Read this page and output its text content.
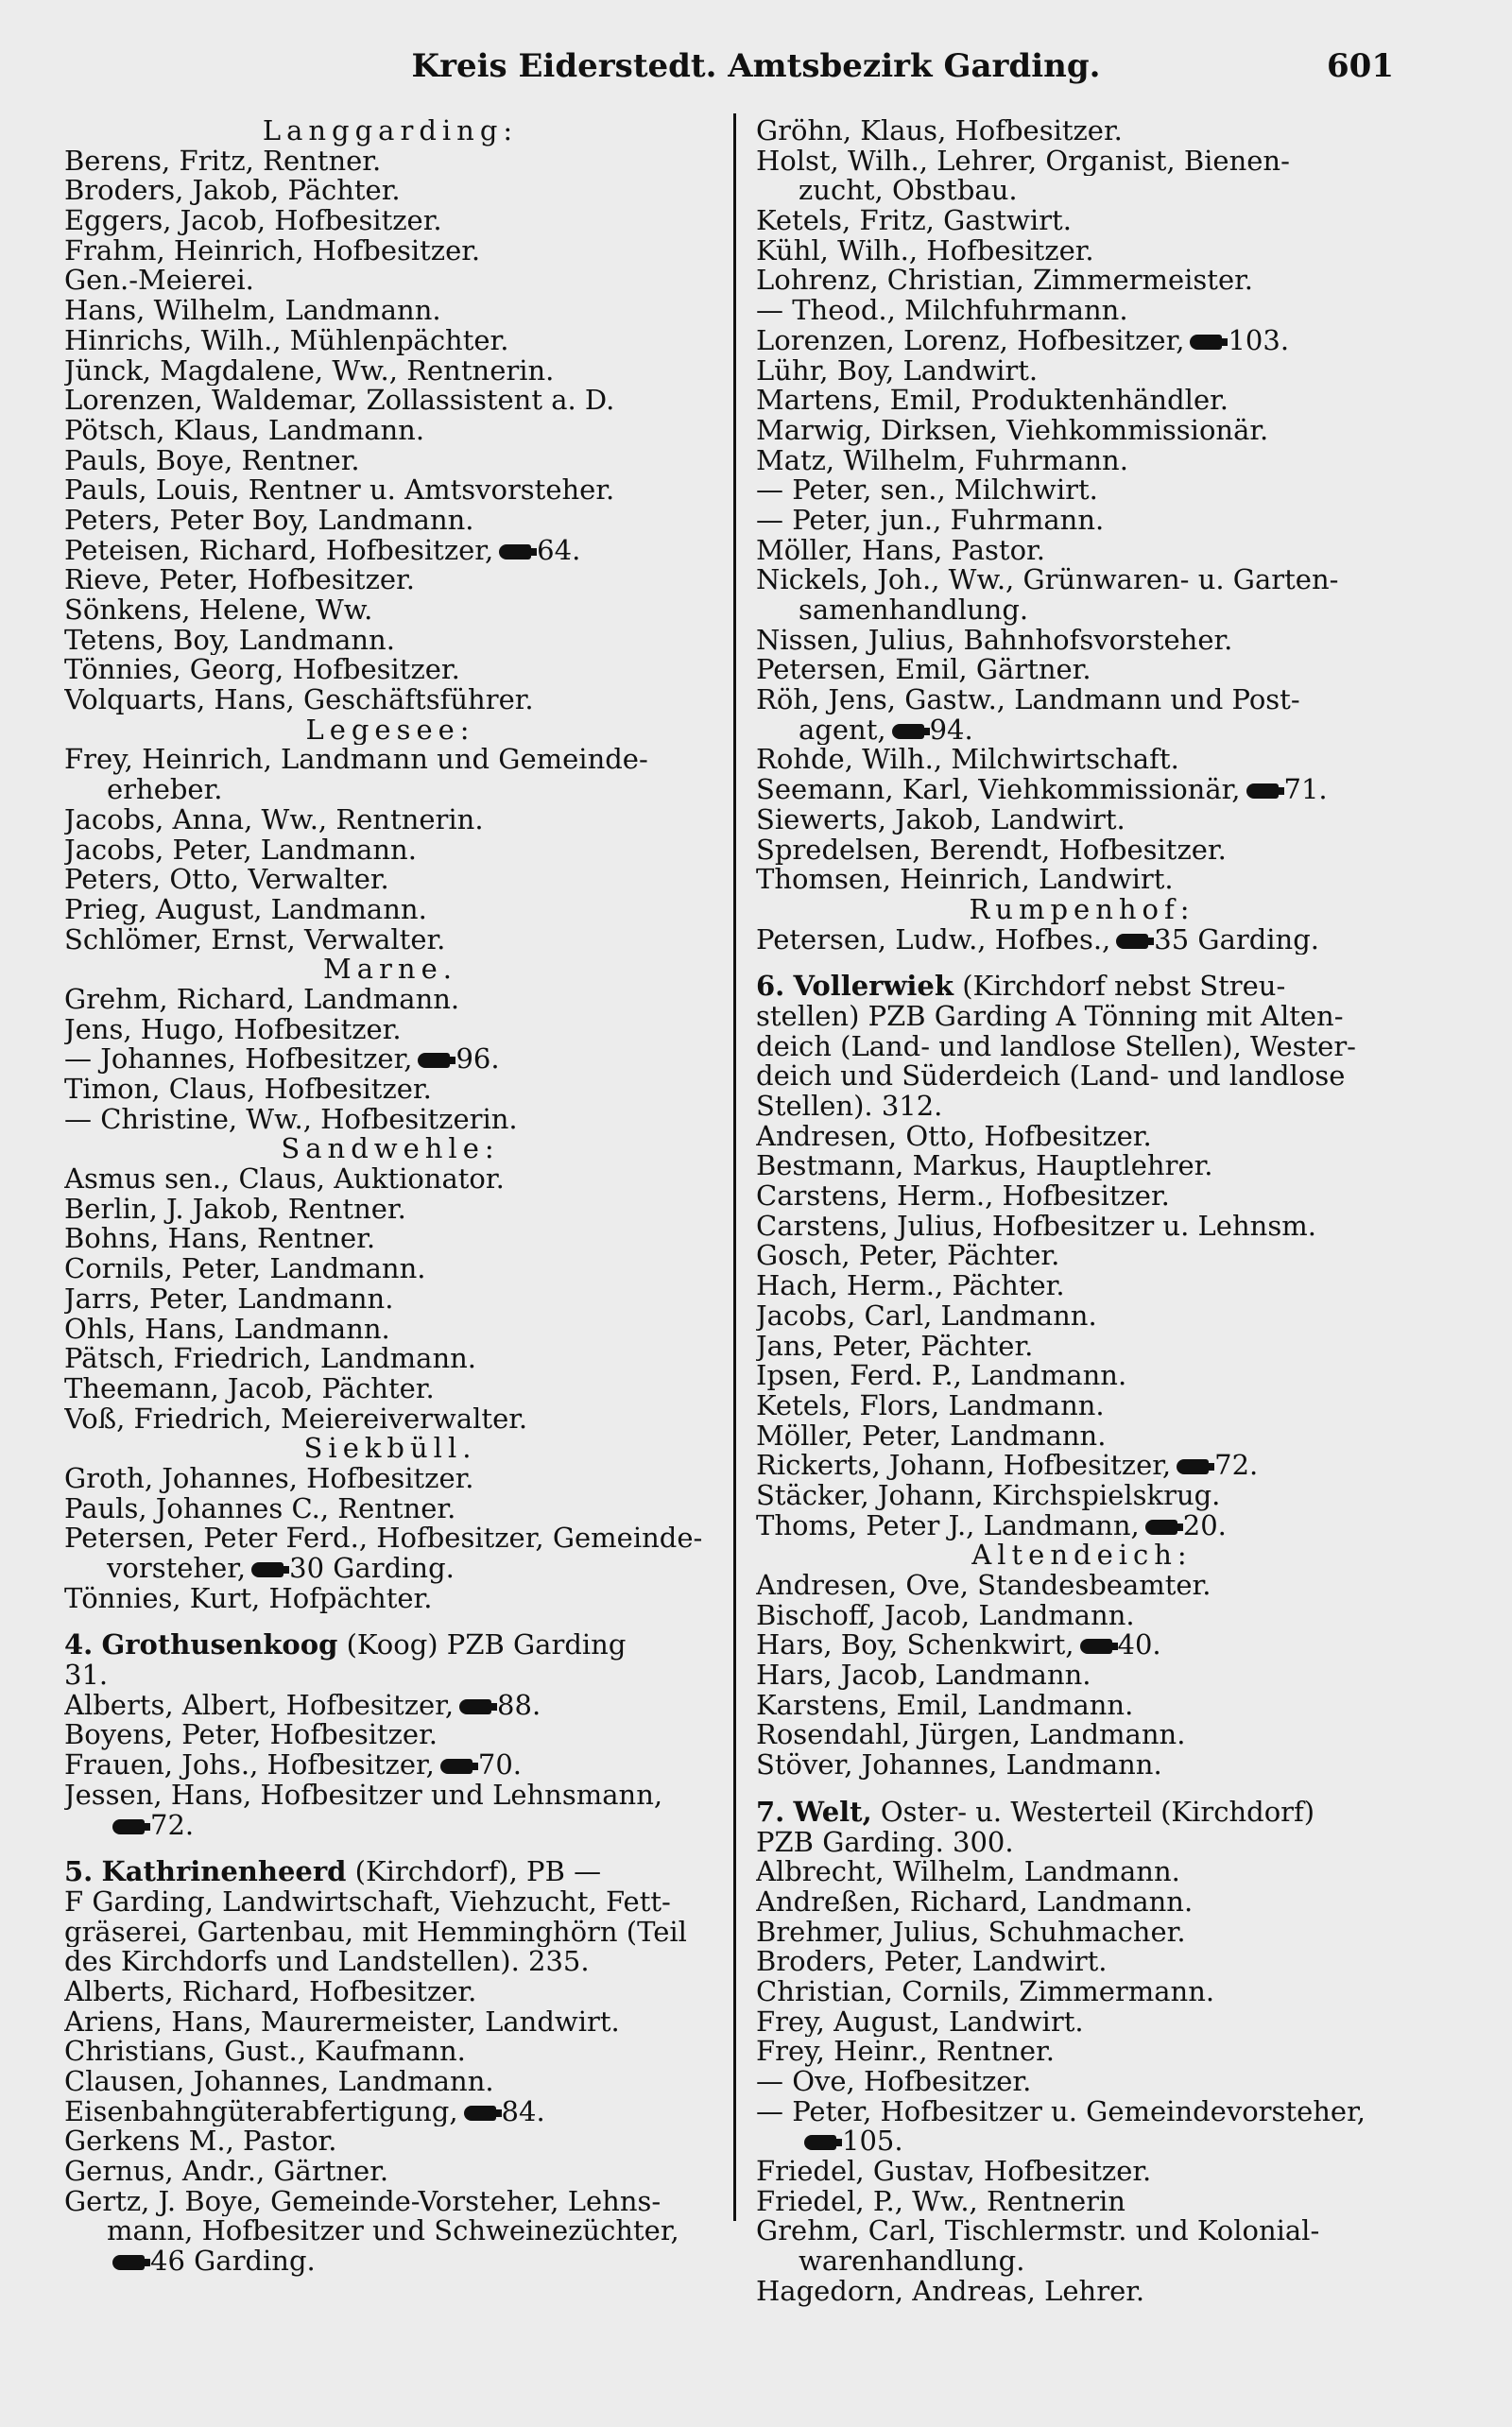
Kreis Eiderstedt. Amtsbezirk Garding.	601
Langgarding:
Berens, Fritz, Rentner.
Broders, Jakob, Pächter.
Eggers, Jacob, Hofbesitzer.
Frahm, Heinrich, Hofbesitzer.
Gen.-Meierei.
Hans, Wilhelm, Landmann.
Hinrichs, Wilh., Mühlenpächter.
Jünck, Magdalene, Ww., Rentnerin.
Lorenzen, Waldemar, Zollassistent a. D.
Pötsch, Klaus, Landmann.
Pauls, Boye, Rentner.
Pauls, Louis, Rentner u. Amtsvorsteher.
Peters, Peter Boy, Landmann.
Peteisen, Richard, Hofbesitzer, 64.
Rieve, Peter, Hofbesitzer.
Sönkens, Helene, Ww.
Tetens, Boy, Landmann.
Tönnies, Georg, Hofbesitzer.
Volquarts, Hans, Geschäftsführer.
Legesee:
Frey, Heinrich, Landmann und Gemeinde-
erheber.
Jacobs, Anna, Ww., Rentnerin.
Jacobs, Peter, Landmann.
Peters, Otto, Verwalter.
Prieg, August, Landmann.
Schlömer, Ernst, Verwalter.
Marne.
Grehm, Richard, Landmann.
Jens, Hugo, Hofbesitzer.
— Johannes, Hofbesitzer, 96.
Timon, Claus, Hofbesitzer.
— Christine, Ww., Hofbesitzerin.
Sandwehle:
Asmus sen., Claus, Auktionator.
Berlin, J. Jakob, Rentner.
Bohns, Hans, Rentner.
Cornils, Peter, Landmann.
Jarrs, Peter, Landmann.
Ohls, Hans, Landmann.
Pätsch, Friedrich, Landmann.
Theemann, Jacob, Pächter.
Voß, Friedrich, Meiereiverwalter.
Siekbüll.
Groth, Johannes, Hofbesitzer.
Pauls, Johannes C., Rentner.
Petersen, Peter Ferd., Hofbesitzer, Gemeinde-
vorsteher, 30 Garding.
Tönnies, Kurt, Hofpächter.
4. Grothusenkoog (Koog) PZB Garding
31.
Alberts, Albert, Hofbesitzer, 88.
Boyens, Peter, Hofbesitzer.
Frauen, Johs., Hofbesitzer, 70.
Jessen, Hans, Hofbesitzer und Lehnsmann,
72.
5. Kathrinenheerd (Kirchdorf), PB —
F Garding, Landwirtschaft, Viehzucht, Fett-
gräserei, Gartenbau, mit Hemminghörn (Teil
des Kirchdorfs und Landstellen). 235.
Alberts, Richard, Hofbesitzer.
Ariens, Hans, Maurermeister, Landwirt.
Christians, Gust., Kaufmann.
Clausen, Johannes, Landmann.
Eisenbahngüterabfertigung, 84.
Gerkens M., Pastor.
Gernus, Andr., Gärtner.
Gertz, J. Boye, Gemeinde-Vorsteher, Lehns-
mann, Hofbesitzer und Schweinezüchter,
46 Garding.
Gröhn, Klaus, Hofbesitzer.
Holst, Wilh., Lehrer, Organist, Bienen-
zucht, Obstbau.
Ketels, Fritz, Gastwirt.
Kühl, Wilh., Hofbesitzer.
Lohrenz, Christian, Zimmermeister.
— Theod., Milchfuhrmann.
Lorenzen, Lorenz, Hofbesitzer, 103.
Lühr, Boy, Landwirt.
Martens, Emil, Produktenhändler.
Marwig, Dirksen, Viehkommissionär.
Matz, Wilhelm, Fuhrmann.
— Peter, sen., Milchwirt.
— Peter, jun., Fuhrmann.
Möller, Hans, Pastor.
Nickels, Joh., Ww., Grünwaren- u. Garten-
samenhandlung.
Nissen, Julius, Bahnhofsvorsteher.
Petersen, Emil, Gärtner.
Röh, Jens, Gastw., Landmann und Post-
agent, 94.
Rohde, Wilh., Milchwirtschaft.
Seemann, Karl, Viehkommissionär, 71.
Siewerts, Jakob, Landwirt.
Spredelsen, Berendt, Hofbesitzer.
Thomsen, Heinrich, Landwirt.
Rumpenhof:
Petersen, Ludw., Hofbes., 35 Garding.
6. Vollerwiek (Kirchdorf nebst Streu-
stellen) PZB Garding A Tönning mit Alten-
deich (Land- und landlose Stellen), Wester-
deich und Süderdeich (Land- und landlose
Stellen). 312.
Andresen, Otto, Hofbesitzer.
Bestmann, Markus, Hauptlehrer.
Carstens, Herm., Hofbesitzer.
Carstens, Julius, Hofbesitzer u. Lehnsm.
Gosch, Peter, Pächter.
Hach, Herm., Pächter.
Jacobs, Carl, Landmann.
Jans, Peter, Pächter.
Ipsen, Ferd. P., Landmann.
Ketels, Flors, Landmann.
Möller, Peter, Landmann.
Rickerts, Johann, Hofbesitzer, 72.
Stäcker, Johann, Kirchspielskrug.
Thoms, Peter J., Landmann, 20.
Altendeich:
Andresen, Ove, Standesbeamter.
Bischoff, Jacob, Landmann.
Hars, Boy, Schenkwirt, 40.
Hars, Jacob, Landmann.
Karstens, Emil, Landmann.
Rosendahl, Jürgen, Landmann.
Stöver, Johannes, Landmann.
7. Welt, Oster- u. Westerteil (Kirchdorf)
PZB Garding. 300.
Albrecht, Wilhelm, Landmann.
Andreßen, Richard, Landmann.
Brehmer, Julius, Schuhmacher.
Broders, Peter, Landwirt.
Christian, Cornils, Zimmermann.
Frey, August, Landwirt.
Frey, Heinr., Rentner.
— Ove, Hofbesitzer.
— Peter, Hofbesitzer u. Gemeindevorsteher,
105.
Friedel, Gustav, Hofbesitzer.
Friedel, P., Ww., Rentnerin
Grehm, Carl, Tischlermstr. und Kolonial-
warenhandlung.
Hagedorn, Andreas, Lehrer.
